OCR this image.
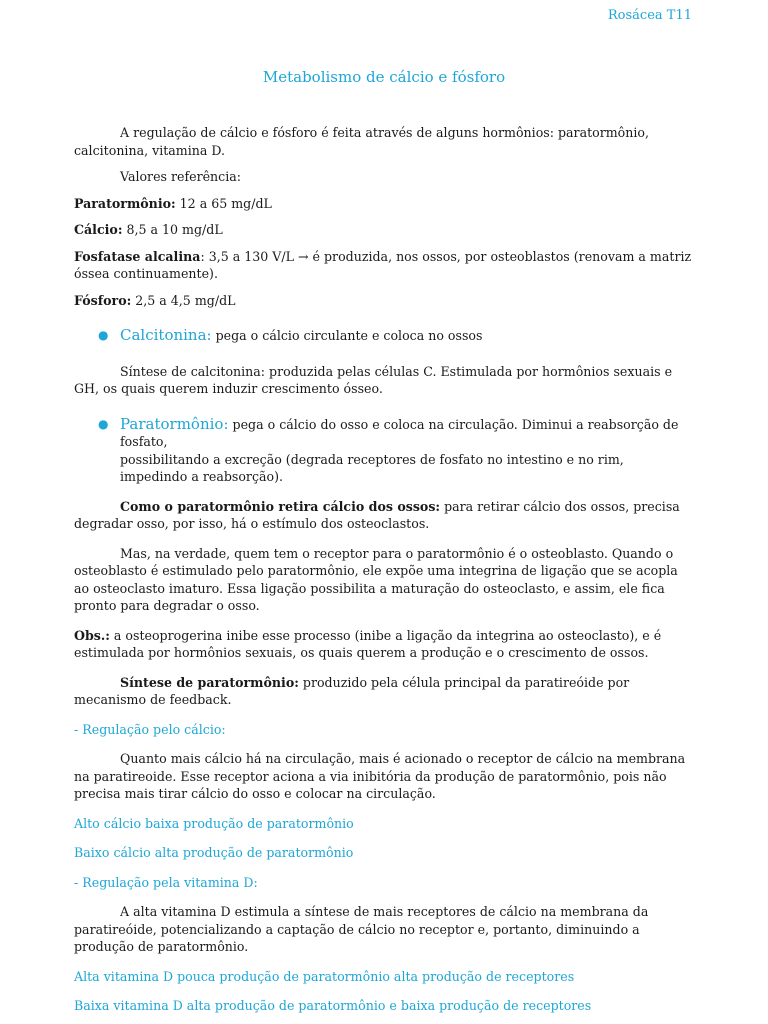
Rosácea T11
Metabolismo de cálcio e fósforo

A regulação de cálcio e fósforo é feita através de alguns hormônios: paratormônio, calcitonina, vitamina D.

Valores referência:

Paratormônio: 12 a 65 mg/dL

Cálcio: 8,5 a 10 mg/dL

Fosfatase alcalina: 3,5 a 130 V/L → é produzida, nos ossos, por osteoblastos (renovam a matriz óssea continuamente).

Fósforo: 2,5 a 4,5 mg/dL

● Calcitonina: pega o cálcio circulante e coloca no ossos

Síntese de calcitonina: produzida pelas células C. Estimulada por hormônios sexuais e GH, os quais querem induzir crescimento ósseo.

● Paratormônio: pega o cálcio do osso e coloca na circulação. Diminui a reabsorção de fosfato,
possibilitando a excreção (degrada receptores de fosfato no intestino e no rim, impedindo a reabsorção).

Como o paratormônio retira cálcio dos ossos: para retirar cálcio dos ossos, precisa degradar osso, por isso, há o estímulo dos osteoclastos.

Mas, na verdade, quem tem o receptor para o paratormônio é o osteoblasto. Quando o osteoblasto é estimulado pelo paratormônio, ele expõe uma integrina de ligação que se acopla ao osteoclasto imaturo. Essa ligação possibilita a maturação do osteoclasto, e assim, ele fica pronto para degradar o osso.

Obs.: a osteoprogerina inibe esse processo (inibe a ligação da integrina ao osteoclasto), e é estimulada por hormônios sexuais, os quais querem a produção e o crescimento de ossos.

Síntese de paratormônio: produzido pela célula principal da paratireóide por mecanismo de feedback.

- Regulação pelo cálcio:

Quanto mais cálcio há na circulação, mais é acionado o receptor de cálcio na membrana na paratireoide. Esse receptor aciona a via inibitória da produção de paratormônio, pois não precisa mais tirar cálcio do osso e colocar na circulação.

Alto cálcio baixa produção de paratormônio

Baixo cálcio alta produção de paratormônio

- Regulação pela vitamina D:

A alta vitamina D estimula a síntese de mais receptores de cálcio na membrana da paratireóide, potencializando a captação de cálcio no receptor e, portanto, diminuindo a produção de paratormônio.

Alta vitamina D pouca produção de paratormônio alta produção de receptores

Baixa vitamina D alta produção de paratormônio e baixa produção de receptores
